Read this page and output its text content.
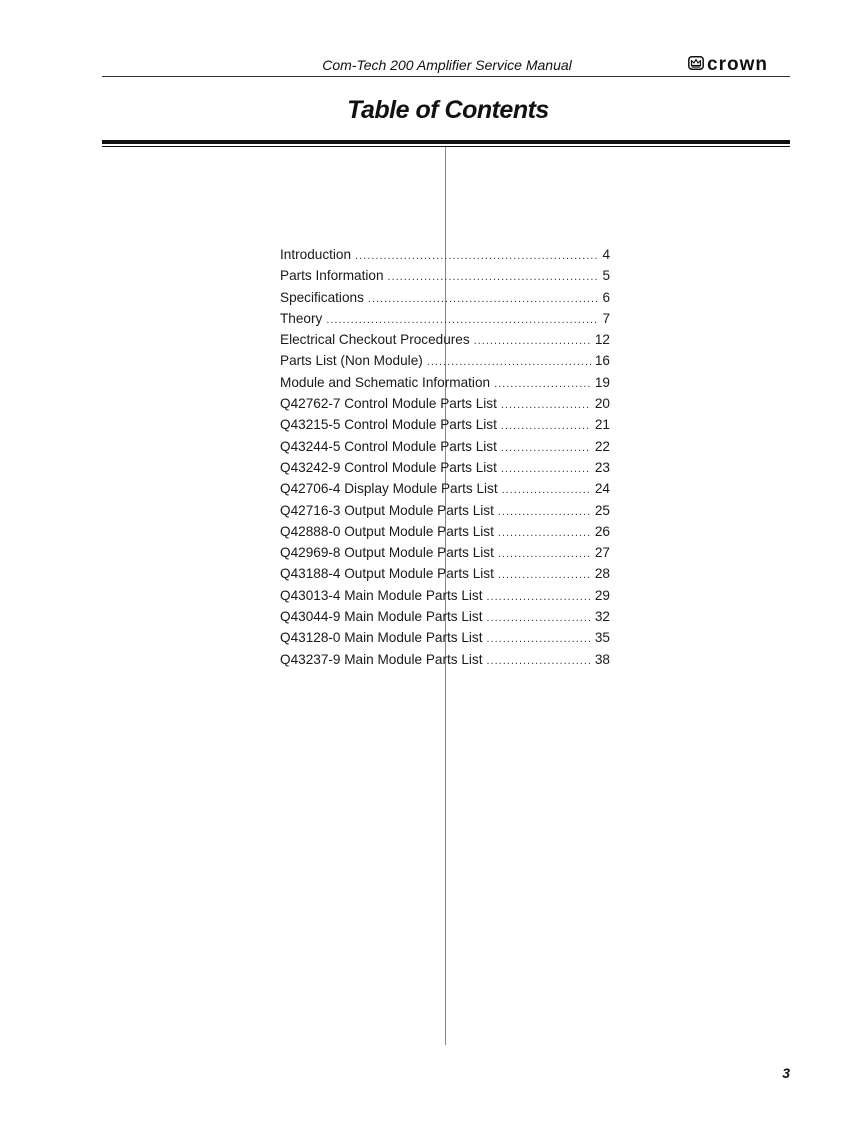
Com-Tech 200 Amplifier Service Manual	crown
Table of Contents
Introduction .....	4
Parts Information .....	5
Specifications .....	6
Theory .....	7
Electrical Checkout Procedures .....	12
Parts List (Non Module) .....	16
Module and Schematic Information .....	19
Q42762-7 Control Module Parts List .....	20
Q43215-5 Control Module Parts List .....	21
Q43244-5 Control Module Parts List .....	22
Q43242-9 Control Module Parts List .....	23
Q42706-4 Display Module Parts List .....	24
Q42716-3 Output Module Parts List .....	25
Q42888-0 Output Module Parts List .....	26
Q42969-8 Output Module Parts List .....	27
Q43188-4 Output Module Parts List .....	28
Q43013-4 Main Module Parts List .....	29
Q43044-9 Main Module Parts List .....	32
Q43128-0 Main Module Parts List .....	35
Q43237-9 Main Module Parts List .....	38
3
